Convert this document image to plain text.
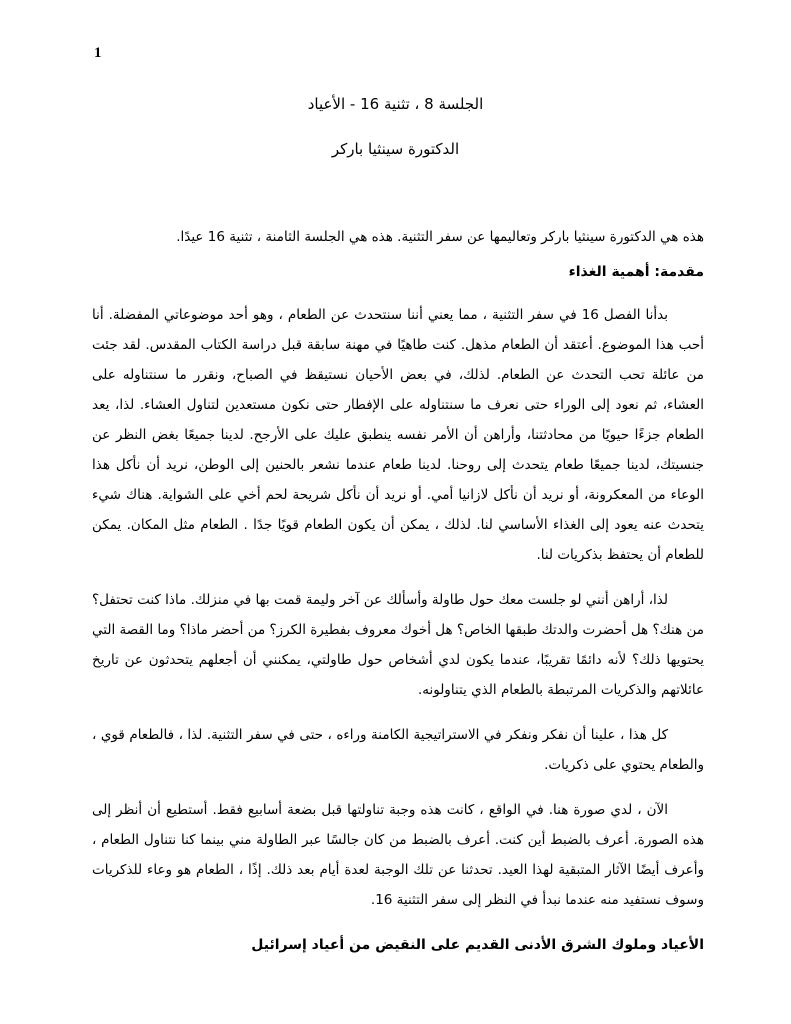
1
الجلسة 8 ، تثنية 16 - الأعياد
الدكتورة سينثيا باركر

هذه هي الدكتورة سينثيا باركر وتعاليمها عن سفر التثنية. هذه هي الجلسة الثامنة ، تثنية 16 عيدًا.

مقدمة: أهمية الغذاء

بدأنا الفصل 16 في سفر التثنية ، مما يعني أننا سنتحدث عن الطعام ، وهو أحد موضوعاتي المفضلة. أنا أحب هذا الموضوع. أعتقد أن الطعام مذهل. كنت طاهيًا في مهنة سابقة قبل دراسة الكتاب المقدس. لقد جئت من عائلة تحب التحدث عن الطعام. لذلك، في بعض الأحيان نستيقظ في الصباح، ونقرر ما سنتناوله على العشاء، ثم نعود إلى الوراء حتى نعرف ما سنتناوله على الإفطار حتى نكون مستعدين لتناول العشاء. لذا، يعد الطعام جزءًا حيويًا من محادثتنا، وأراهن أن الأمر نفسه ينطبق عليك على الأرجح. لدينا جميعًا بغض النظر عن جنسيتك، لدينا جميعًا طعام يتحدث إلى روحنا. لدينا طعام عندما نشعر بالحنين إلى الوطن، نريد أن نأكل هذا الوعاء من المعكرونة، أو نريد أن نأكل لازانيا أمي. أو نريد أن نأكل شريحة لحم أخي على الشواية. هناك شيء يتحدث عنه يعود إلى الغذاء الأساسي لنا. لذلك ، يمكن أن يكون الطعام قويًا جدًا . الطعام مثل المكان. يمكن للطعام أن يحتفظ بذكريات لنا.

لذا، أراهن أنني لو جلست معك حول طاولة وأسألك عن آخر وليمة قمت بها في منزلك. ماذا كنت تحتفل؟ من هنك؟ هل أحضرت والدتك طبقها الخاص؟ هل أخوك معروف بفطيرة الكرز؟ من أحضر ماذا؟ وما القصة التي يحتويها ذلك؟ لأنه دائمًا تقريبًا، عندما يكون لدي أشخاص حول طاولتي، يمكنني أن أجعلهم يتحدثون عن تاريخ عائلاتهم والذكريات المرتبطة بالطعام الذي يتناولونه.

كل هذا ، علينا أن نفكر ونفكر في الاستراتيجية الكامنة وراءه ، حتى في سفر التثنية. لذا ، فالطعام قوي ، والطعام يحتوي على ذكريات.

الآن ، لدي صورة هنا. في الواقع ، كانت هذه وجبة تناولتها قبل بضعة أسابيع فقط. أستطيع أن أنظر إلى هذه الصورة. أعرف بالضبط أين كنت. أعرف بالضبط من كان جالسًا عبر الطاولة مني بينما كنا نتناول الطعام ، وأعرف أيضًا الآثار المتبقية لهذا العيد. تحدثنا عن تلك الوجبة لعدة أيام بعد ذلك. إذًا ، الطعام هو وعاء للذكريات وسوف نستفيد منه عندما نبدأ في النظر إلى سفر التثنية 16.

الأعياد وملوك الشرق الأدنى القديم على النقيض من أعياد إسرائيل
